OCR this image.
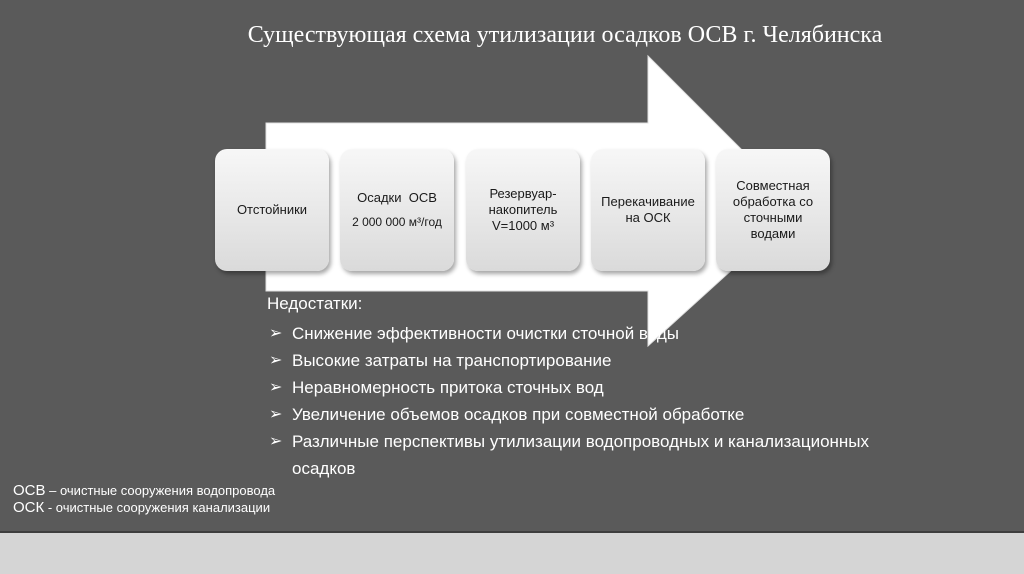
Существующая схема утилизации осадков ОСВ г. Челябинска
Отстойники
Осадки  ОСВ
2 000 000 м³/год
Резервуар-накопитель V=1000 м³
Перекачивание на ОСК
Совместная обработка со сточными водами
Недостатки:
➢ Снижение эффективности очистки сточной воды
➢ Высокие затраты на транспортирование
➢ Неравномерность притока сточных вод
➢ Увеличение объемов осадков при совместной обработке
➢ Различные перспективы утилизации водопроводных и канализационных осадков
ОСВ – очистные сооружения водопровода
ОСК - очистные сооружения канализации
